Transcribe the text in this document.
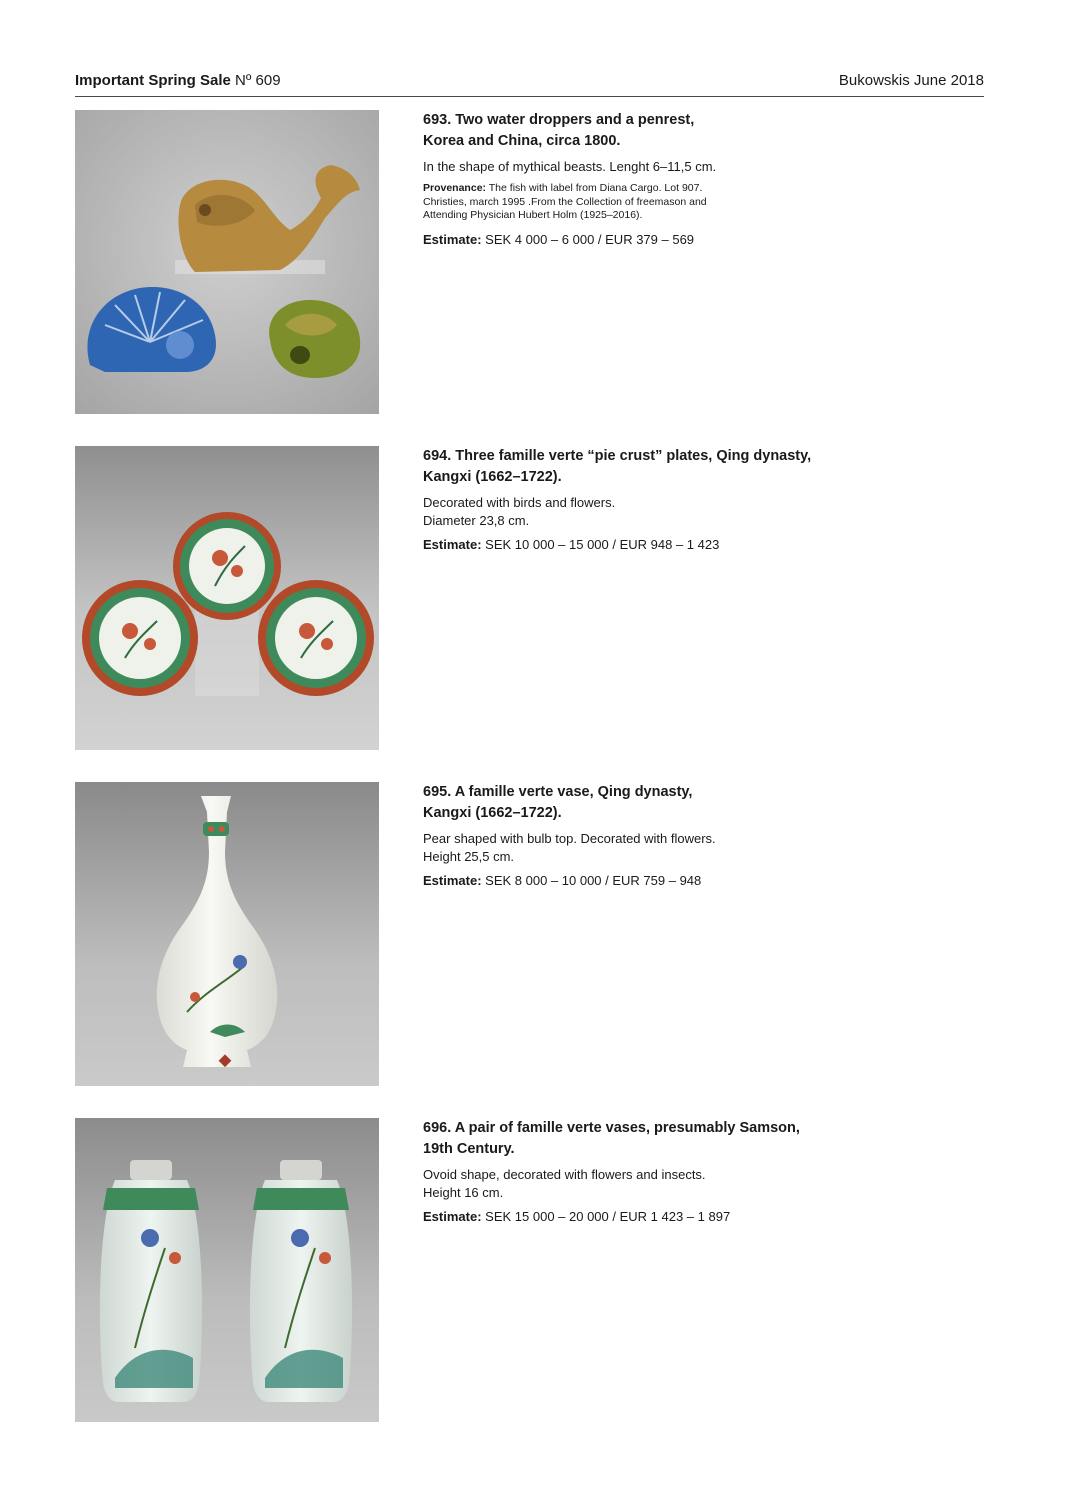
Important Spring Sale Nº 609	Bukowskis June 2018

693. Two water droppers and a penrest,
Korea and China, circa 1800.

In the shape of mythical beasts. Lenght 6–11,5 cm.

Provenance: The fish with label from Diana Cargo. Lot 907.
Christies, march 1995 .From the Collection of freemason and
Attending Physician Hubert Holm (1925–2016).

Estimate: SEK 4 000 – 6 000 / EUR 379 – 569

694. Three famille verte “pie crust” plates, Qing dynasty,
Kangxi (1662–1722).

Decorated with birds and flowers.
Diameter 23,8 cm.

Estimate: SEK 10 000 – 15 000 / EUR 948 – 1 423

695. A famille verte vase, Qing dynasty,
Kangxi (1662–1722).

Pear shaped with bulb top. Decorated with flowers.
Height 25,5 cm.

Estimate: SEK 8 000 – 10 000 / EUR 759 – 948

696. A pair of famille verte vases, presumably Samson,
19th Century.

Ovoid shape, decorated with flowers and insects.
Height 16 cm.

Estimate: SEK 15 000 – 20 000 / EUR 1 423 – 1 897
